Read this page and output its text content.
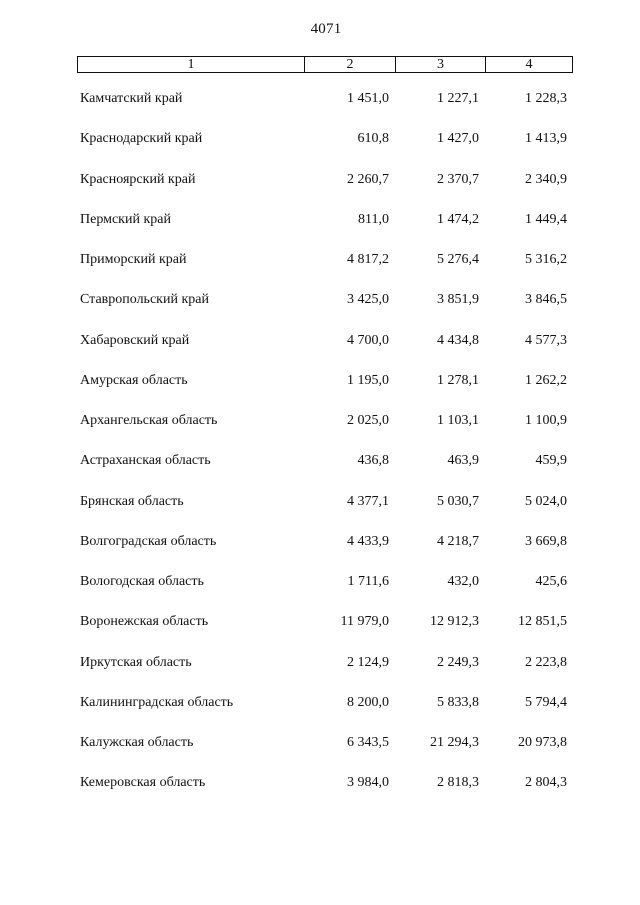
4071
1	2	3	4
Камчатский край	1 451,0	1 227,1	1 228,3
Краснодарский край	610,8	1 427,0	1 413,9
Красноярский край	2 260,7	2 370,7	2 340,9
Пермский край	811,0	1 474,2	1 449,4
Приморский край	4 817,2	5 276,4	5 316,2
Ставропольский край	3 425,0	3 851,9	3 846,5
Хабаровский край	4 700,0	4 434,8	4 577,3
Амурская область	1 195,0	1 278,1	1 262,2
Архангельская область	2 025,0	1 103,1	1 100,9
Астраханская область	436,8	463,9	459,9
Брянская область	4 377,1	5 030,7	5 024,0
Волгоградская область	4 433,9	4 218,7	3 669,8
Вологодская область	1 711,6	432,0	425,6
Воронежская область	11 979,0	12 912,3	12 851,5
Иркутская область	2 124,9	2 249,3	2 223,8
Калининградская область	8 200,0	5 833,8	5 794,4
Калужская область	6 343,5	21 294,3	20 973,8
Кемеровская область	3 984,0	2 818,3	2 804,3
